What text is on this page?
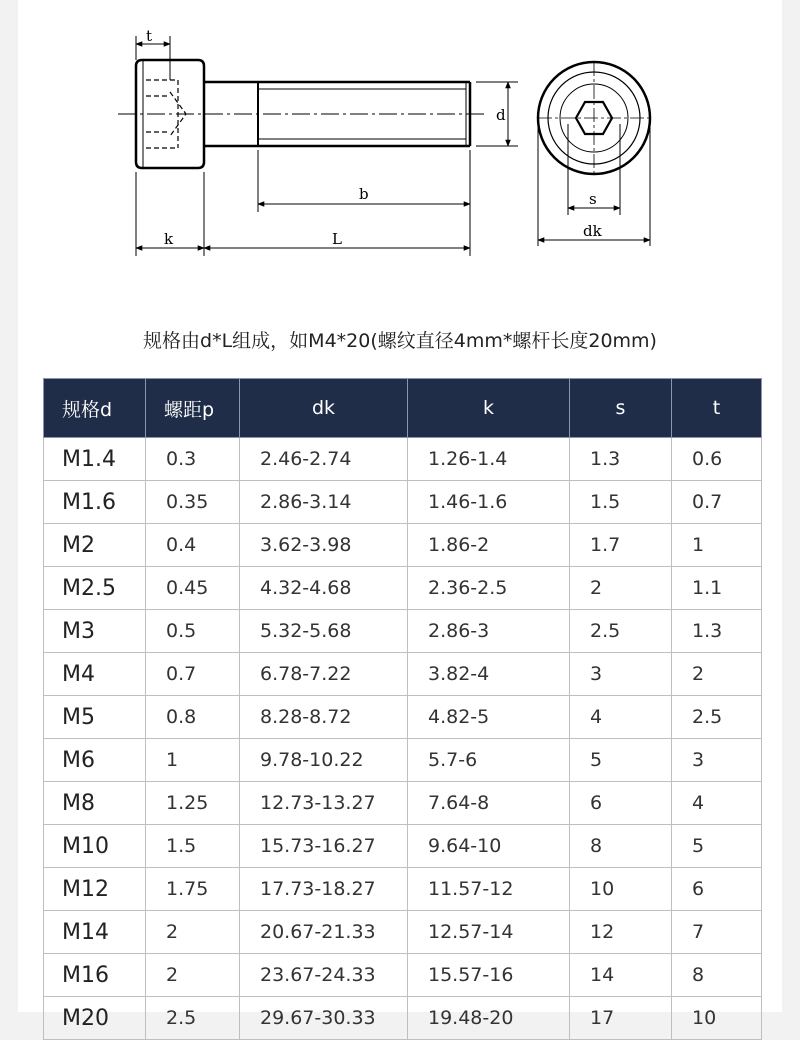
t
d
b
k	L
s
dk
规格由d*L组成，如M4*20(螺纹直径4mm*螺杆长度20mm)
规格d	螺距p	dk	k	s	t
M1.4	0.3	2.46-2.74	1.26-1.4	1.3	0.6
M1.6	0.35	2.86-3.14	1.46-1.6	1.5	0.7
M2	0.4	3.62-3.98	1.86-2	1.7	1
M2.5	0.45	4.32-4.68	2.36-2.5	2	1.1
M3	0.5	5.32-5.68	2.86-3	2.5	1.3
M4	0.7	6.78-7.22	3.82-4	3	2
M5	0.8	8.28-8.72	4.82-5	4	2.5
M6	1	9.78-10.22	5.7-6	5	3
M8	1.25	12.73-13.27	7.64-8	6	4
M10	1.5	15.73-16.27	9.64-10	8	5
M12	1.75	17.73-18.27	11.57-12	10	6
M14	2	20.67-21.33	12.57-14	12	7
M16	2	23.67-24.33	15.57-16	14	8
M20	2.5	29.67-30.33	19.48-20	17	10
